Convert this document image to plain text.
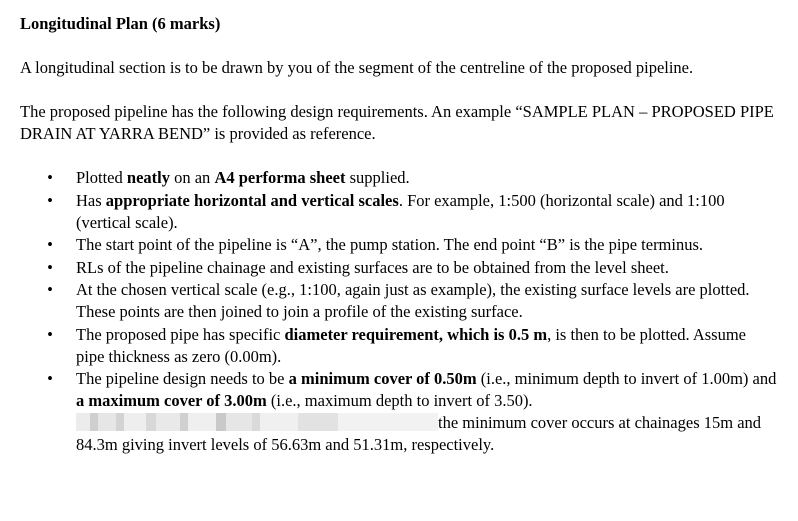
Longitudinal Plan (6 marks)

A longitudinal section is to be drawn by you of the segment of the centreline of the proposed pipeline.

The proposed pipeline has the following design requirements. An example “SAMPLE PLAN – PROPOSED PIPE DRAIN AT YARRA BEND” is provided as reference.

• Plotted neatly on an A4 performa sheet supplied.
• Has appropriate horizontal and vertical scales. For example, 1:500 (horizontal scale) and 1:100 (vertical scale).
• The start point of the pipeline is “A”, the pump station. The end point “B” is the pipe terminus.
• RLs of the pipeline chainage and existing surfaces are to be obtained from the level sheet.
• At the chosen vertical scale (e.g., 1:100, again just as example), the existing surface levels are plotted. These points are then joined to join a profile of the existing surface.
• The proposed pipe has specific diameter requirement, which is 0.5 m, is then to be plotted. Assume pipe thickness as zero (0.00m).
• The pipeline design needs to be a minimum cover of 0.50m (i.e., minimum depth to invert of 1.00m) and a maximum cover of 3.00m (i.e., maximum depth to invert of 3.50). the minimum cover occurs at chainages 15m and 84.3m giving invert levels of 56.63m and 51.31m, respectively.
